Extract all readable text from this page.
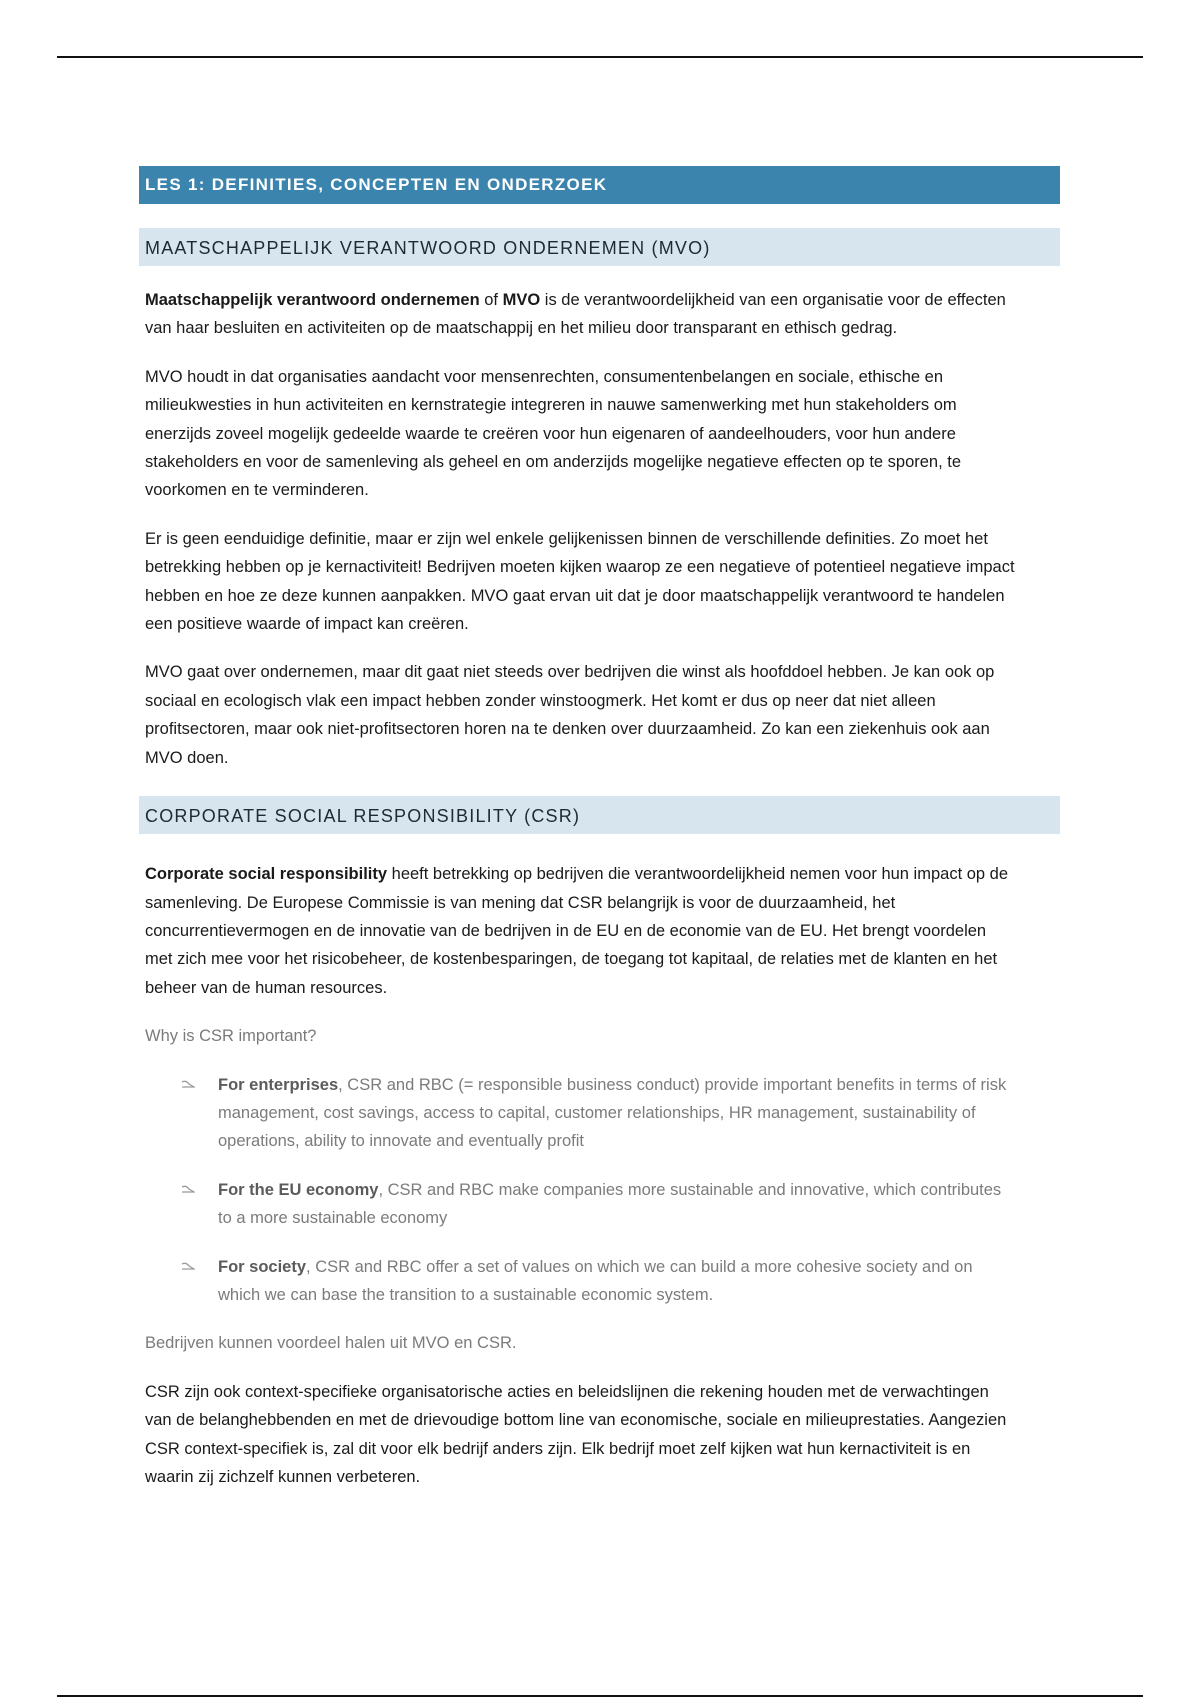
LES 1: DEFINITIES, CONCEPTEN EN ONDERZOEK
MAATSCHAPPELIJK VERANTWOORD ONDERNEMEN (MVO)

Maatschappelijk verantwoord ondernemen of MVO is de verantwoordelijkheid van een organisatie voor de effecten van haar besluiten en activiteiten op de maatschappij en het milieu door transparant en ethisch gedrag.

MVO houdt in dat organisaties aandacht voor mensenrechten, consumentenbelangen en sociale, ethische en milieukwesties in hun activiteiten en kernstrategie integreren in nauwe samenwerking met hun stakeholders om enerzijds zoveel mogelijk gedeelde waarde te creëren voor hun eigenaren of aandeelhouders, voor hun andere stakeholders en voor de samenleving als geheel en om anderzijds mogelijke negatieve effecten op te sporen, te voorkomen en te verminderen.

Er is geen eenduidige definitie, maar er zijn wel enkele gelijkenissen binnen de verschillende definities. Zo moet het betrekking hebben op je kernactiviteit! Bedrijven moeten kijken waarop ze een negatieve of potentieel negatieve impact hebben en hoe ze deze kunnen aanpakken. MVO gaat ervan uit dat je door maatschappelijk verantwoord te handelen een positieve waarde of impact kan creëren.

MVO gaat over ondernemen, maar dit gaat niet steeds over bedrijven die winst als hoofddoel hebben. Je kan ook op sociaal en ecologisch vlak een impact hebben zonder winstoogmerk. Het komt er dus op neer dat niet alleen profitsectoren, maar ook niet-profitsectoren horen na te denken over duurzaamheid. Zo kan een ziekenhuis ook aan MVO doen.

CORPORATE SOCIAL RESPONSIBILITY (CSR)

Corporate social responsibility heeft betrekking op bedrijven die verantwoordelijkheid nemen voor hun impact op de samenleving. De Europese Commissie is van mening dat CSR belangrijk is voor de duurzaamheid, het concurrentievermogen en de innovatie van de bedrijven in de EU en de economie van de EU. Het brengt voordelen met zich mee voor het risicobeheer, de kostenbesparingen, de toegang tot kapitaal, de relaties met de klanten en het beheer van de human resources.

Why is CSR important?

For enterprises, CSR and RBC (= responsible business conduct) provide important benefits in terms of risk management, cost savings, access to capital, customer relationships, HR management, sustainability of operations, ability to innovate and eventually profit
For the EU economy, CSR and RBC make companies more sustainable and innovative, which contributes to a more sustainable economy
For society, CSR and RBC offer a set of values on which we can build a more cohesive society and on which we can base the transition to a sustainable economic system.

Bedrijven kunnen voordeel halen uit MVO en CSR.

CSR zijn ook context-specifieke organisatorische acties en beleidslijnen die rekening houden met de verwachtingen van de belanghebbenden en met de drievoudige bottom line van economische, sociale en milieuprestaties. Aangezien CSR context-specifiek is, zal dit voor elk bedrijf anders zijn. Elk bedrijf moet zelf kijken wat hun kernactiviteit is en waarin zij zichzelf kunnen verbeteren.
